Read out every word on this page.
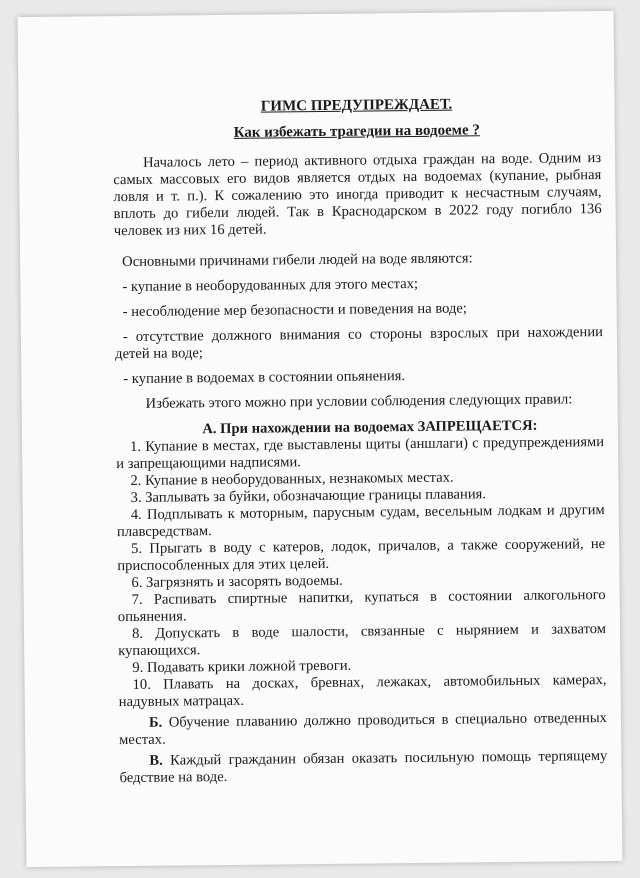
ГИМС ПРЕДУПРЕЖДАЕТ.

Как избежать трагедии на водоеме ?

Началось лето – период активного отдыха граждан на воде. Одним из самых массовых его видов является отдых на водоемах (купание, рыбная ловля и т. п.). К сожалению это иногда приводит к несчастным случаям, вплоть до гибели людей. Так в Краснодарском в 2022 году погибло 136 человек из них 16 детей.

Основными причинами гибели людей на воде являются:

- купание в необорудованных для этого местах;

- несоблюдение мер безопасности и поведения на воде;

- отсутствие должного внимания со стороны взрослых при нахождении детей на воде;

- купание в водоемах в состоянии опьянения.

Избежать этого можно при условии соблюдения следующих правил:

А. При нахождении на водоемах ЗАПРЕЩАЕТСЯ:

1. Купание в местах, где выставлены щиты (аншлаги) с предупреждениями и запрещающими надписями.

2. Купание в необорудованных, незнакомых местах.

3. Заплывать за буйки, обозначающие границы плавания.

4. Подплывать к моторным, парусным судам, весельным лодкам и другим плавсредствам.

5. Прыгать в воду с катеров, лодок, причалов, а также сооружений, не приспособленных для этих целей.

6. Загрязнять и засорять водоемы.

7. Распивать спиртные напитки, купаться в состоянии алкогольного опьянения.

8. Допускать в воде шалости, связанные с нырянием и захватом купающихся.

9. Подавать крики ложной тревоги.

10. Плавать на досках, бревнах, лежаках, автомобильных камерах, надувных матрацах.

Б. Обучение плаванию должно проводиться в специально отведенных местах.

В. Каждый гражданин обязан оказать посильную помощь терпящему бедствие на воде.
